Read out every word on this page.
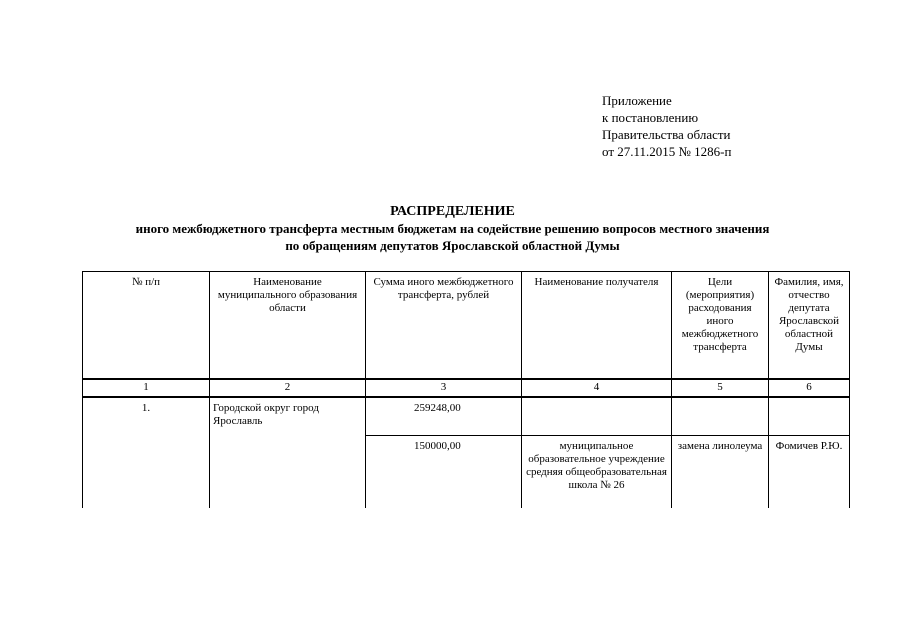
Приложение
к постановлению
Правительства области
от 27.11.2015 № 1286-п
РАСПРЕДЕЛЕНИЕ
иного межбюджетного трансферта местным бюджетам на содействие решению вопросов местного значения
по обращениям депутатов Ярославской областной Думы
№ п/п	Наименование муниципального образования области	Сумма иного межбюджетного трансферта, рублей	Наименование получателя	Цели (мероприятия) расходования иного межбюджетного трансферта	Фамилия, имя, отчество депутата Ярославской областной Думы
1	2	3	4	5	6
1.	Городской округ город Ярославль	259248,00			
		150000,00	муниципальное образовательное учреждение средняя общеобразовательная школа № 26	замена линолеума	Фомичев Р.Ю.
